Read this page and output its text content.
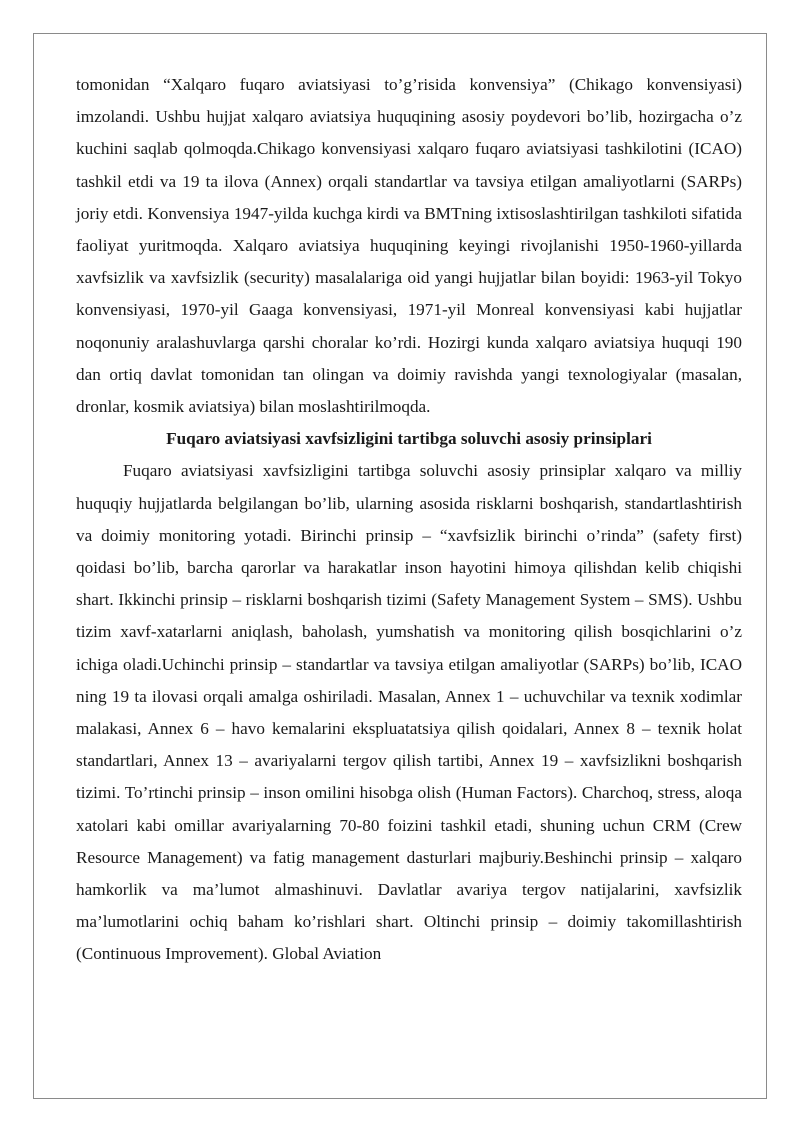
tomonidan “Xalqaro fuqaro aviatsiyasi to’g’risida konvensiya” (Chikago konvensiyasi) imzolandi. Ushbu hujjat xalqaro aviatsiya huquqining asosiy poydevori bo’lib, hozirgacha o’z kuchini saqlab qolmoqda.Chikago konvensiyasi xalqaro fuqaro aviatsiyasi tashkilotini (ICAO) tashkil etdi va 19 ta ilova (Annex) orqali standartlar va tavsiya etilgan amaliyotlarni (SARPs) joriy etdi. Konvensiya 1947-yilda kuchga kirdi va BMTning ixtisoslashtirilgan tashkiloti sifatida faoliyat yuritmoqda. Xalqaro aviatsiya huquqining keyingi rivojlanishi 1950-1960-yillarda xavfsizlik va xavfsizlik (security) masalalariga oid yangi hujjatlar bilan boyidi: 1963-yil Tokyo konvensiyasi, 1970-yil Gaaga konvensiyasi, 1971-yil Monreal konvensiyasi kabi hujjatlar noqonuniy aralashuvlarga qarshi choralar ko’rdi. Hozirgi kunda xalqaro aviatsiya huquqi 190 dan ortiq davlat tomonidan tan olingan va doimiy ravishda yangi texnologiyalar (masalan, dronlar, kosmik aviatsiya) bilan moslashtirilmoqda.

Fuqaro aviatsiyasi xavfsizligini tartibga soluvchi asosiy prinsiplari

Fuqaro aviatsiyasi xavfsizligini tartibga soluvchi asosiy prinsiplar xalqaro va milliy huquqiy hujjatlarda belgilangan bo’lib, ularning asosida risklarni boshqarish, standartlashtirish va doimiy monitoring yotadi. Birinchi prinsip – “xavfsizlik birinchi o’rinda” (safety first) qoidasi bo’lib, barcha qarorlar va harakatlar inson hayotini himoya qilishdan kelib chiqishi shart. Ikkinchi prinsip – risklarni boshqarish tizimi (Safety Management System – SMS). Ushbu tizim xavf-xatarlarni aniqlash, baholash, yumshatish va monitoring qilish bosqichlarini o’z ichiga oladi.Uchinchi prinsip – standartlar va tavsiya etilgan amaliyotlar (SARPs) bo’lib, ICAO ning 19 ta ilovasi orqali amalga oshiriladi. Masalan, Annex 1 – uchuvchilar va texnik xodimlar malakasi, Annex 6 – havo kemalarini ekspluatatsiya qilish qoidalari, Annex 8 – texnik holat standartlari, Annex 13 – avariyalarni tergov qilish tartibi, Annex 19 – xavfsizlikni boshqarish tizimi. To’rtinchi prinsip – inson omilini hisobga olish (Human Factors). Charchoq, stress, aloqa xatolari kabi omillar avariyalarning 70-80 foizini tashkil etadi, shuning uchun CRM (Crew Resource Management) va fatig management dasturlari majburiy.Beshinchi prinsip – xalqaro hamkorlik va ma’lumot almashinuvi. Davlatlar avariya tergov natijalarini, xavfsizlik ma’lumotlarini ochiq baham ko’rishlari shart. Oltinchi prinsip – doimiy takomillashtirish (Continuous Improvement). Global Aviation
